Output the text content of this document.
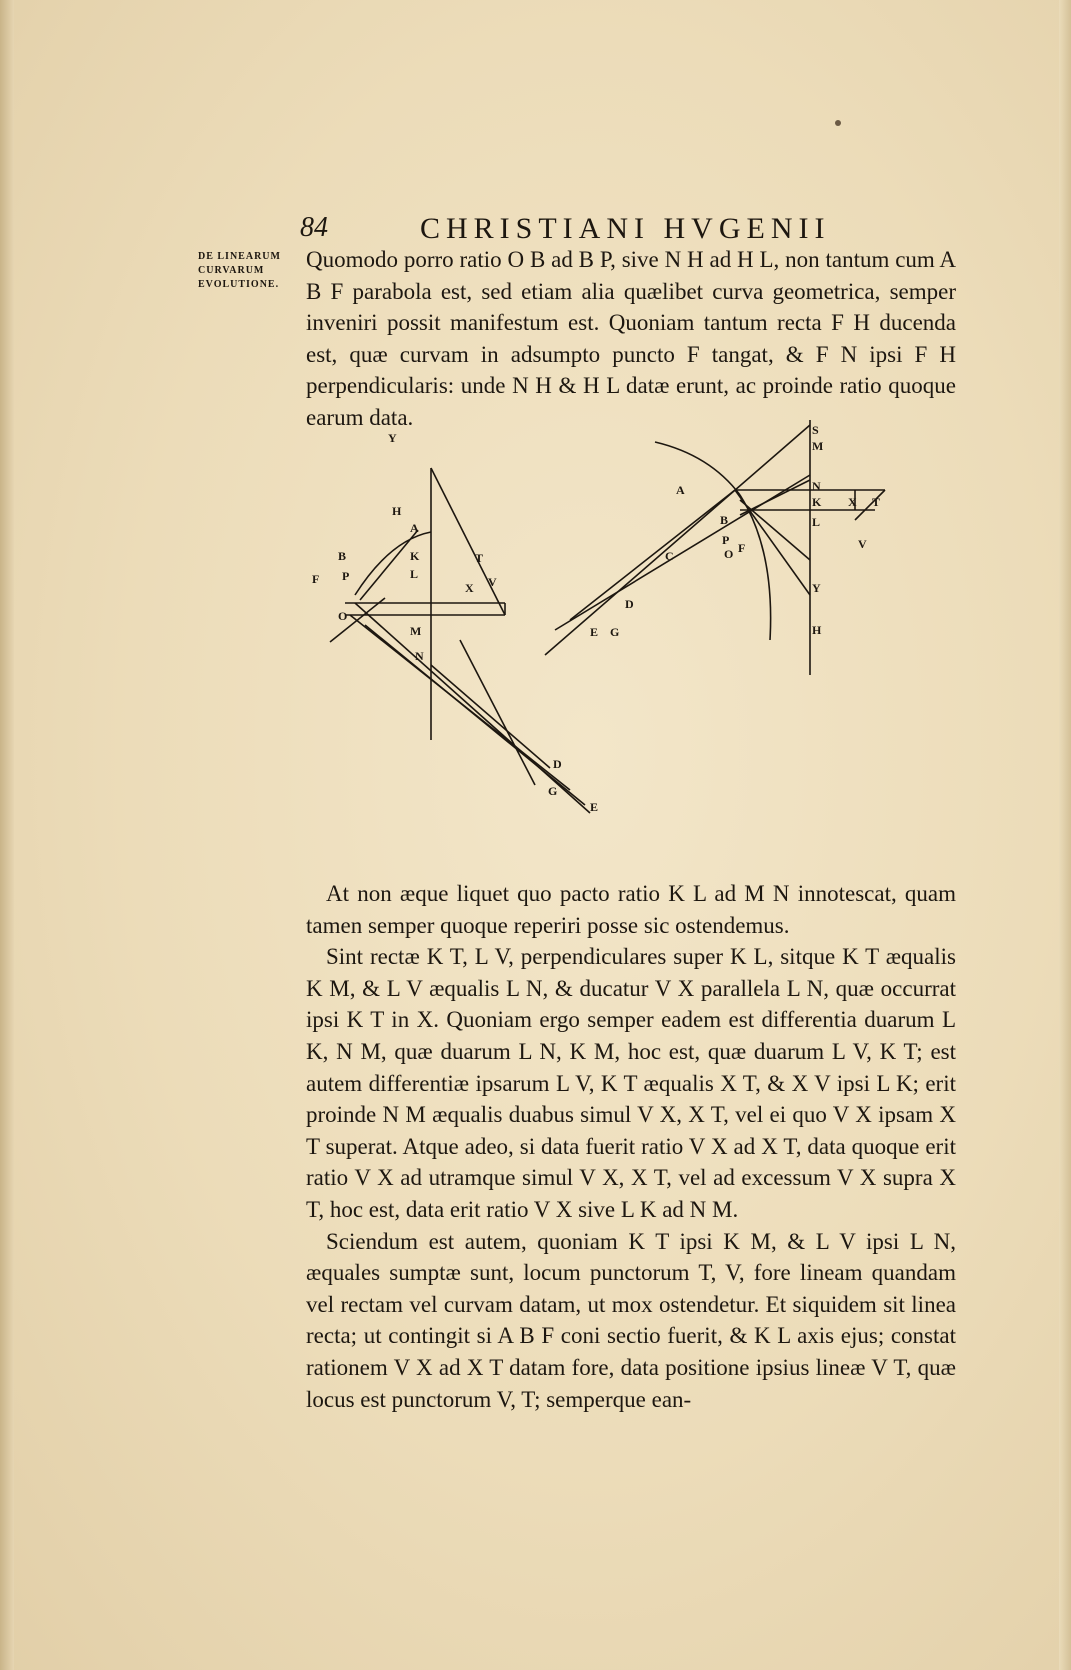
84	CHRISTIANI HVGENII
DE LINEARUM
CURVARUM
EVOLUTIONE.
Quomodo porro ratio O B ad B P, sive N H ad H L, non tantum cum A B F parabola est, sed etiam alia quælibet curva geometrica, semper inveniri possit manifestum est. Quoniam tantum recta F H ducenda est, quæ curvam in adsumpto puncto F tangat, & F N ipsi F H perpendicularis: unde N H & H L datæ erunt, ac proinde ratio quoque earum data.
Y
H
A
B	K	T
F P	L
V
X
O
M
N
D
G
E
S
M
A	N
K X T
B	L
C
P
O F	V
Y
D
E G	H

At non æque liquet quo pacto ratio K L ad M N innotescat, quam tamen semper quoque reperiri posse sic ostendemus.

Sint rectæ K T, L V, perpendiculares super K L, sitque K T æqualis K M, & L V æqualis L N, & ducatur V X parallela L N, quæ occurrat ipsi K T in X. Quoniam ergo semper eadem est differentia duarum L K, N M, quæ duarum L N, K M, hoc est, quæ duarum L V, K T; est autem differentiæ ipsarum L V, K T æqualis X T, & X V ipsi L K; erit proinde N M æqualis duabus simul V X, X T, vel ei quo V X ipsam X T superat. Atque adeo, si data fuerit ratio V X ad X T, data quoque erit ratio V X ad utramque simul V X, X T, vel ad excessum V X supra X T, hoc est, data erit ratio V X sive L K ad N M.

Sciendum est autem, quoniam K T ipsi K M, & L V ipsi L N, æquales sumptæ sunt, locum punctorum T, V, fore lineam quandam vel rectam vel curvam datam, ut mox ostendetur. Et siquidem sit linea recta; ut contingit si A B F coni sectio fuerit, & K L axis ejus; constat rationem V X ad X T datam fore, data positione ipsius lineæ V T, quæ locus est punctorum V, T; semperque ean-
